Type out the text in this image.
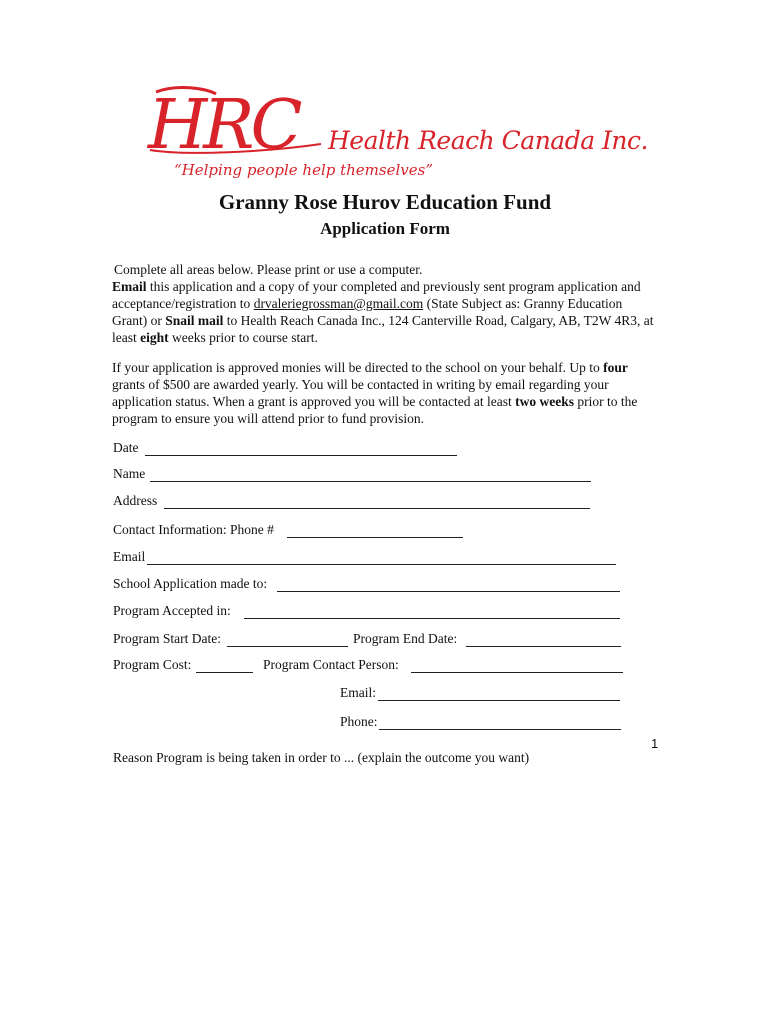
HRC Health Reach Canada Inc.
“Helping people help themselves”
Granny Rose Hurov Education Fund
Application Form
Complete all areas below. Please print or use a computer.
Email this application and a copy of your completed and previously sent program application and acceptance/registration to drvaleriegrossman@gmail.com (State Subject as: Granny Education Grant) or Snail mail to Health Reach Canada Inc., 124 Canterville Road, Calgary, AB, T2W 4R3, at least eight weeks prior to course start.
If your application is approved monies will be directed to the school on your behalf. Up to four grants of $500 are awarded yearly. You will be contacted in writing by email regarding your application status. When a grant is approved you will be contacted at least two weeks prior to the program to ensure you will attend prior to fund provision.
Date
Name
Address
Contact Information: Phone #
Email
School Application made to:
Program Accepted in:
Program Start Date:	Program End Date:
Program Cost:	Program Contact Person:
Email:
Phone:
1
Reason Program is being taken in order to ... (explain the outcome you want)
